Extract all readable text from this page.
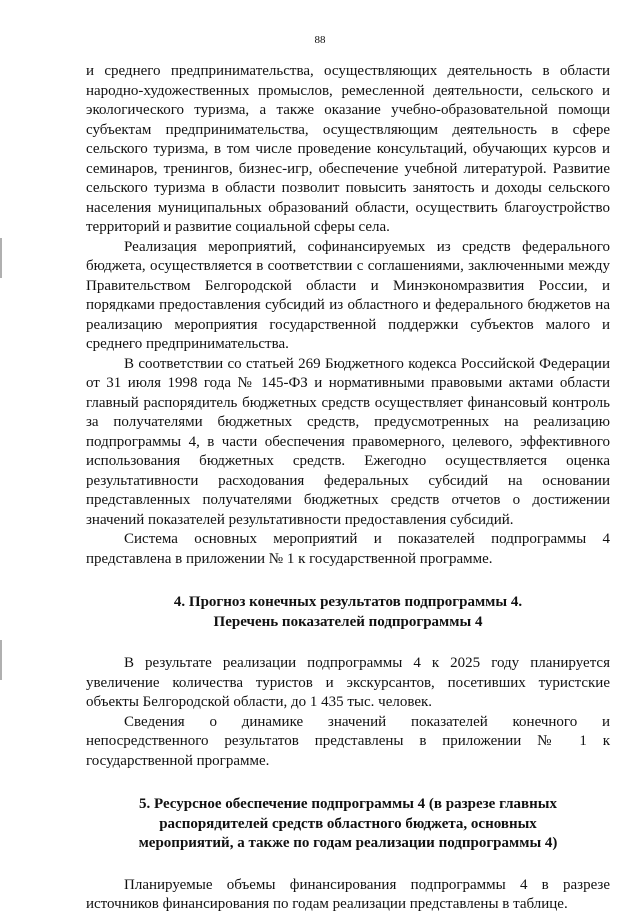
88

и среднего предпринимательства, осуществляющих деятельность в области народно-художественных промыслов, ремесленной деятельности, сельского и экологического туризма, а также оказание учебно-образовательной помощи субъектам предпринимательства, осуществляющим деятельность в сфере сельского туризма, в том числе проведение консультаций, обучающих курсов и семинаров, тренингов, бизнес-игр, обеспечение учебной литературой. Развитие сельского туризма в области позволит повысить занятость и доходы сельского населения муниципальных образований области, осуществить благоустройство территорий и развитие социальной сферы села.

Реализация мероприятий, софинансируемых из средств федерального бюджета, осуществляется в соответствии с соглашениями, заключенными между Правительством Белгородской области и Минэкономразвития России, и порядками предоставления субсидий из областного и федерального бюджетов на реализацию мероприятия государственной поддержки субъектов малого и среднего предпринимательства.

В соответствии со статьей 269 Бюджетного кодекса Российской Федерации от 31 июля 1998 года № 145-ФЗ и нормативными правовыми актами области главный распорядитель бюджетных средств осуществляет финансовый контроль за получателями бюджетных средств, предусмотренных на реализацию подпрограммы 4, в части обеспечения правомерного, целевого, эффективного использования бюджетных средств. Ежегодно осуществляется оценка результативности расходования федеральных субсидий на основании представленных получателями бюджетных средств отчетов о достижении значений показателей результативности предоставления субсидий.

Система основных мероприятий и показателей подпрограммы 4 представлена в приложении № 1 к государственной программе.

4. Прогноз конечных результатов подпрограммы 4.
Перечень показателей подпрограммы 4

В результате реализации подпрограммы 4 к 2025 году планируется увеличение количества туристов и экскурсантов, посетивших туристские объекты Белгородской области, до 1 435 тыс. человек.

Сведения о динамике значений показателей конечного и непосредственного результатов представлены в приложении № 1 к государственной программе.

5. Ресурсное обеспечение подпрограммы 4 (в разрезе главных
распорядителей средств областного бюджета, основных
мероприятий, а также по годам реализации подпрограммы 4)

Планируемые объемы финансирования подпрограммы 4 в разрезе источников финансирования по годам реализации представлены в таблице.
